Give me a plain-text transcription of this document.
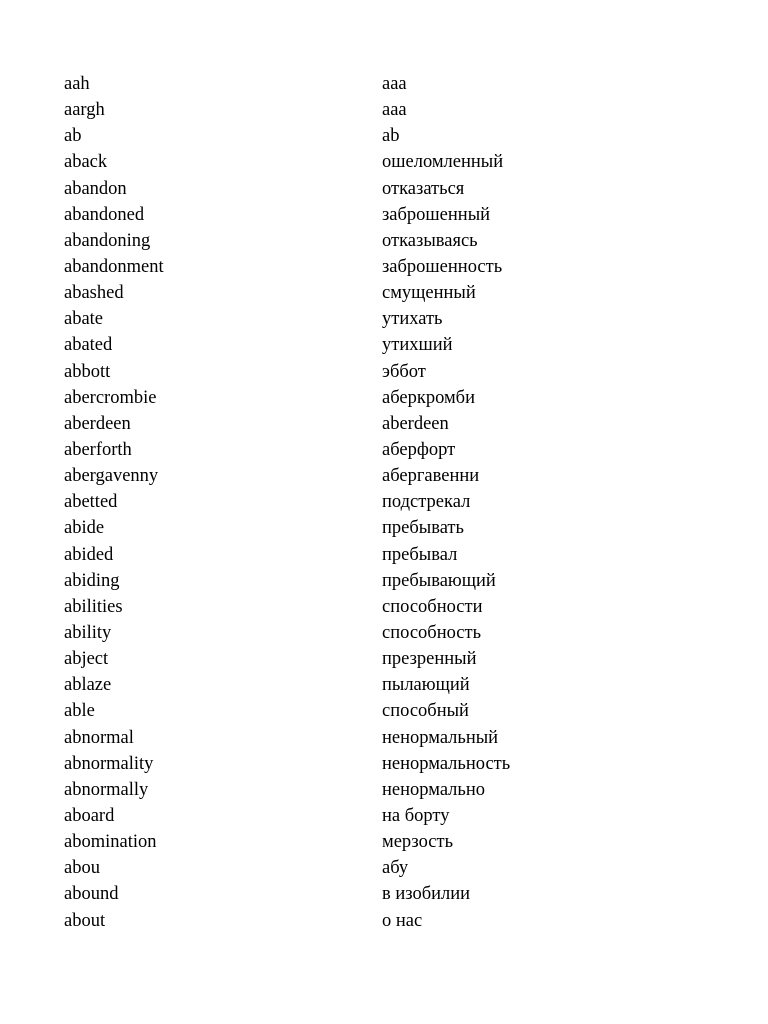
aah	ааа
aargh	ааа
ab	ab
aback	ошеломленный
abandon	отказаться
abandoned	заброшенный
abandoning	отказываясь
abandonment	заброшенность
abashed	смущенный
abate	утихать
abated	утихший
abbott	эббот
abercrombie	аберкромби
aberdeen	aberdeen
aberforth	аберфорт
abergavenny	абергавенни
abetted	подстрекал
abide	пребывать
abided	пребывал
abiding	пребывающий
abilities	способности
ability	способность
abject	презренный
ablaze	пылающий
able	способный
abnormal	ненормальный
abnormality	ненормальность
abnormally	ненормально
aboard	на борту
abomination	мерзость
abou	абу
abound	в изобилии
about	о нас
